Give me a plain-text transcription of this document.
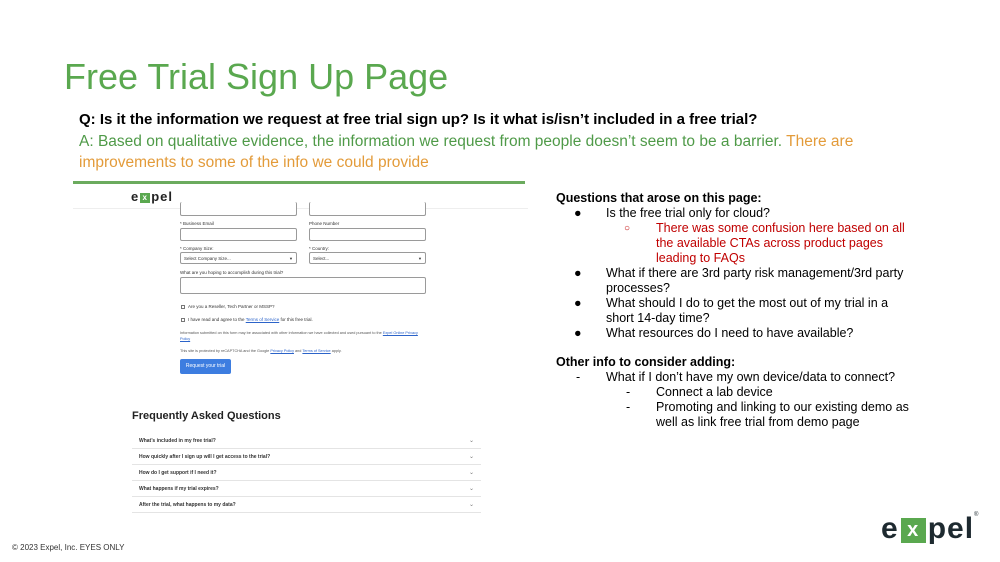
Free Trial Sign Up Page
Q: Is it the information we request at free trial sign up? Is it what is/isn’t included in a free trial?
A: Based on qualitative evidence, the information we request from people doesn’t seem to be a barrier. There are improvements to some of the info we could provide
e x pel
* Business Email	Phone Number
* Company Size:	* Country:
Select Company Size...	▼	Select...	▼
What are you hoping to accomplish during this trial?
Are you a Reseller, Tech Partner or MSSP?
I have read and agree to the Terms of Service for this free trial.
Information submitted on this form may be associated with other information we have collected and used pursuant to the Expel Online Privacy Policy
This site is protected by reCAPTCHA and the Google Privacy Policy and Terms of Service apply.
Request your trial
Frequently Asked Questions
What’s included in my free trial?	⌄
How quickly after I sign up will I get access to the trial?	⌄
How do I get support if I need it?	⌄
What happens if my trial expires?	⌄
After the trial, what happens to my data?	⌄
Questions that arose on this page:
● Is the free trial only for cloud?
○ There was some confusion here based on all the available CTAs across product pages leading to FAQs
● What if there are 3rd party risk management/3rd party processes?
● What should I do to get the most out of my trial in a short 14-day time?
● What resources do I need to have available?
Other info to consider adding:
- What if I don’t have my own device/data to connect?
- Connect a lab device
- Promoting and linking to our existing demo as well as link free trial from demo page
© 2023 Expel, Inc. EYES ONLY
e x pel®
